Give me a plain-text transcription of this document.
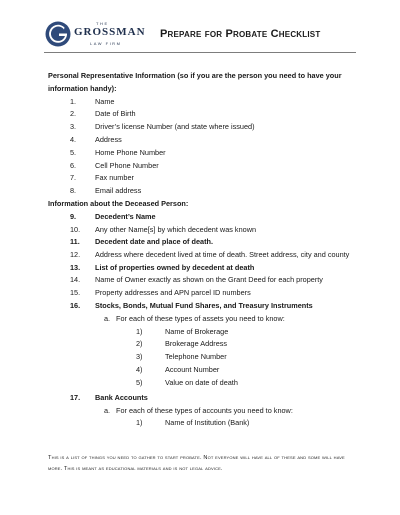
THE
GROSSMAN
LAW FIRM
Prepare for Probate Checklist
Personal Representative Information (so if you are the person you need to have your information handy):
1.	Name
2.	Date of Birth
3.	Driver’s license Number (and state where issued)
4.	Address
5.	Home Phone Number
6.	Cell Phone Number
7.	Fax number
8.	Email address
Information about the Deceased Person:
9.	Decedent’s Name
10. Any other Name[s] by which decedent was known
11. Decedent date and place of death.
12. Address where decedent lived at time of death. Street address, city and county
13. List of properties owned by decedent at death
14. Name of Owner exactly as shown on the Grant Deed for each property
15. Property addresses and APN parcel ID numbers
16. Stocks, Bonds, Mutual Fund Shares, and Treasury Instruments
a. For each of these types of assets you need to know:
1)	Name of Brokerage
2)	Brokerage Address
3)	Telephone Number
4)	Account Number
5)	Value on date of death
17. Bank Accounts
a. For each of these types of accounts you need to know:
1)	Name of Institution (Bank)
This is a list of things you need to gather to start probate. Not everyone will have all of these and some will have more. This is meant as educational materials and is not legal advice.
